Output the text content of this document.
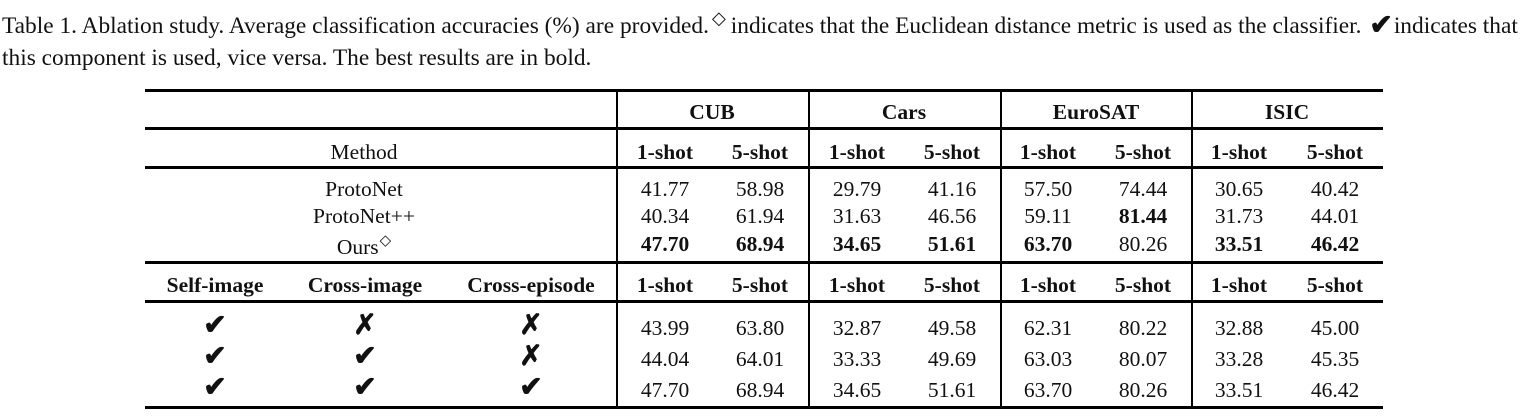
Table 1. Ablation study. Average classification accuracies (%) are provided. ◇ indicates that the Euclidean distance metric is used as the classifier. ✔indicates that this component is used, vice versa. The best results are in bold.
CUB	Cars	EuroSAT	ISIC
Method	1-shot 5-shot 1-shot 5-shot 1-shot 5-shot 1-shot 5-shot
ProtoNet	41.77 58.98 29.79 41.16 57.50 74.44 30.65 40.42
ProtoNet++	40.34 61.94 31.63 46.56 59.11 81.44 31.73 44.01
Ours◇	47.70 68.94 34.65 51.61 63.70 80.26 33.51 46.42
Self-image Cross-image Cross-episode 1-shot 5-shot 1-shot 5-shot 1-shot 5-shot 1-shot 5-shot
✔	✗	✗	43.99 63.80 32.87 49.58 62.31 80.22 32.88 45.00
✔	✔	✗	44.04 64.01 33.33 49.69 63.03 80.07 33.28 45.35
✔	✔	✔	47.70 68.94 34.65 51.61 63.70 80.26 33.51 46.42
